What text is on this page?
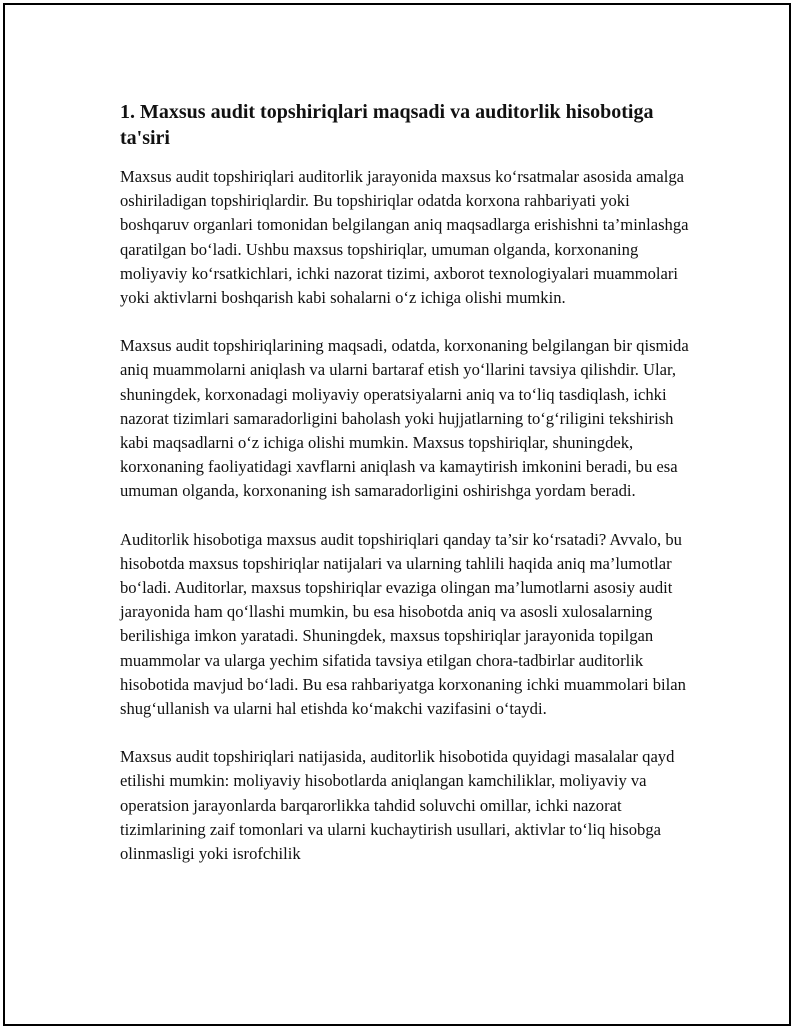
1. Maxsus audit topshiriqlari maqsadi va auditorlik hisobotiga ta'siri

Maxsus audit topshiriqlari auditorlik jarayonida maxsus ko‘rsatmalar asosida amalga oshiriladigan topshiriqlardir. Bu topshiriqlar odatda korxona rahbariyati yoki boshqaruv organlari tomonidan belgilangan aniq maqsadlarga erishishni ta’minlashga qaratilgan bo‘ladi. Ushbu maxsus topshiriqlar, umuman olganda, korxonaning moliyaviy ko‘rsatkichlari, ichki nazorat tizimi, axborot texnologiyalari muammolari yoki aktivlarni boshqarish kabi sohalarni o‘z ichiga olishi mumkin.

Maxsus audit topshiriqlarining maqsadi, odatda, korxonaning belgilangan bir qismida aniq muammolarni aniqlash va ularni bartaraf etish yo‘llarini tavsiya qilishdir. Ular, shuningdek, korxonadagi moliyaviy operatsiyalarni aniq va to‘liq tasdiqlash, ichki nazorat tizimlari samaradorligini baholash yoki hujjatlarning to‘g‘riligini tekshirish kabi maqsadlarni o‘z ichiga olishi mumkin. Maxsus topshiriqlar, shuningdek, korxonaning faoliyatidagi xavflarni aniqlash va kamaytirish imkonini beradi, bu esa umuman olganda, korxonaning ish samaradorligini oshirishga yordam beradi.

Auditorlik hisobotiga maxsus audit topshiriqlari qanday ta’sir ko‘rsatadi? Avvalo, bu hisobotda maxsus topshiriqlar natijalari va ularning tahlili haqida aniq ma’lumotlar bo‘ladi. Auditorlar, maxsus topshiriqlar evaziga olingan ma’lumotlarni asosiy audit jarayonida ham qo‘llashi mumkin, bu esa hisobotda aniq va asosli xulosalarning berilishiga imkon yaratadi. Shuningdek, maxsus topshiriqlar jarayonida topilgan muammolar va ularga yechim sifatida tavsiya etilgan chora-tadbirlar auditorlik hisobotida mavjud bo‘ladi. Bu esa rahbariyatga korxonaning ichki muammolari bilan shug‘ullanish va ularni hal etishda ko‘makchi vazifasini o‘taydi.

Maxsus audit topshiriqlari natijasida, auditorlik hisobotida quyidagi masalalar qayd etilishi mumkin: moliyaviy hisobotlarda aniqlangan kamchiliklar, moliyaviy va operatsion jarayonlarda barqarorlikka tahdid soluvchi omillar, ichki nazorat tizimlarining zaif tomonlari va ularni kuchaytirish usullari, aktivlar to‘liq hisobga olinmasligi yoki isrofchilik
